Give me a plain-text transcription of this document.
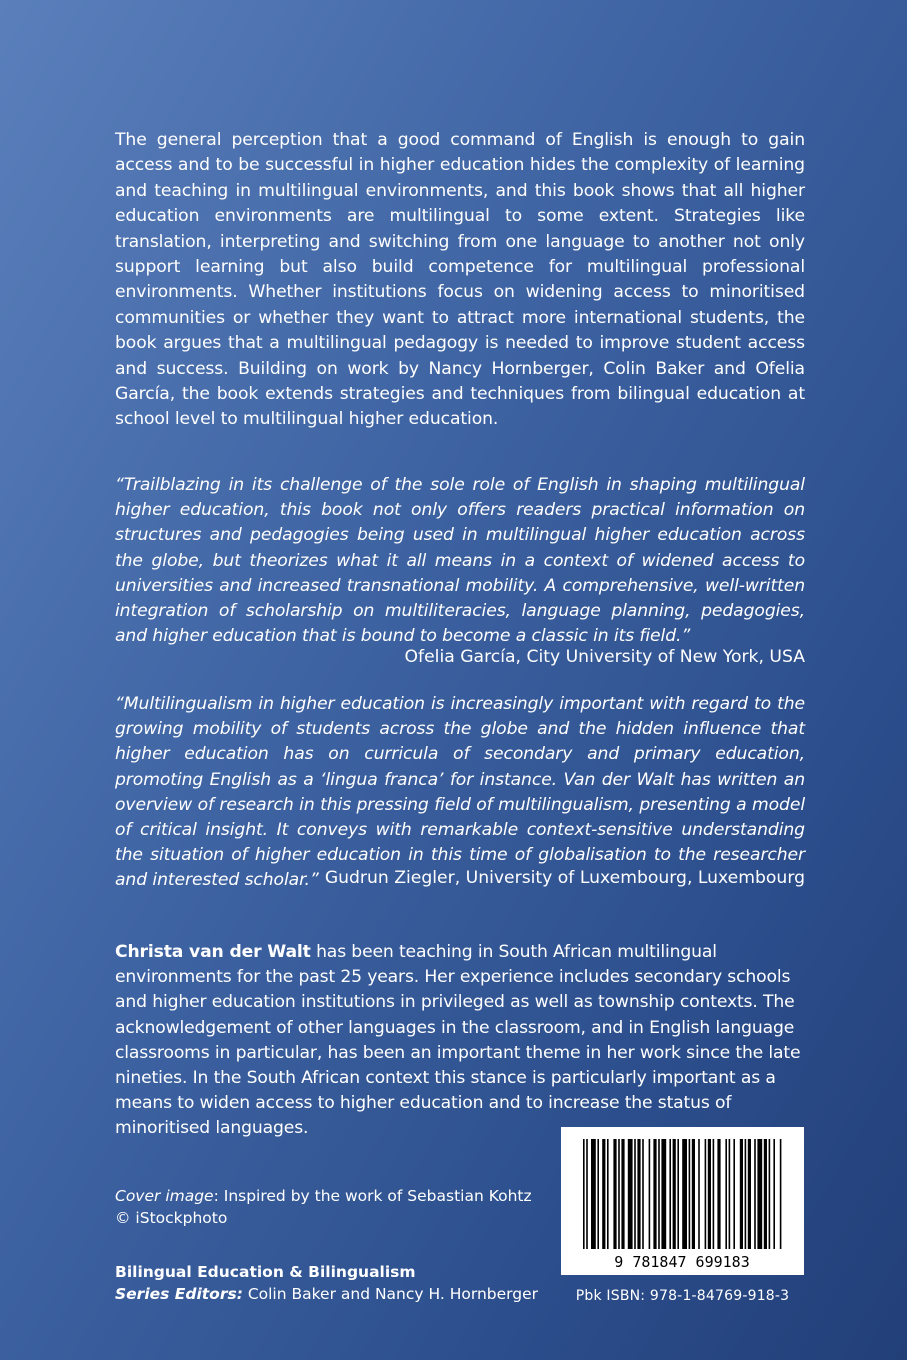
The general perception that a good command of English is enough to gain access and to be successful in higher education hides the complexity of learning and teaching in multilingual environments, and this book shows that all higher education environments are multilingual to some extent. Strategies like translation, interpreting and switching from one language to another not only support learning but also build competence for multilingual professional environments. Whether institutions focus on widening access to minoritised communities or whether they want to attract more international students, the book argues that a multilingual pedagogy is needed to improve student access and success. Building on work by Nancy Hornberger, Colin Baker and Ofelia García, the book extends strategies and techniques from bilingual education at school level to multilingual higher education.

“Trailblazing in its challenge of the sole role of English in shaping multilingual higher education, this book not only offers readers practical information on structures and pedagogies being used in multilingual higher education across the globe, but theorizes what it all means in a context of widened access to universities and increased transnational mobility. A comprehensive, well-written integration of scholarship on multiliteracies, language planning, pedagogies, and higher education that is bound to become a classic in its field.”

Ofelia García, City University of New York, USA

“Multilingualism in higher education is increasingly important with regard to the growing mobility of students across the globe and the hidden influence that higher education has on curricula of secondary and primary education, promoting English as a ‘lingua franca’ for instance. Van der Walt has written an overview of research in this pressing field of multilingualism, presenting a model of critical insight. It conveys with remarkable context-sensitive understanding the situation of higher education in this time of globalisation to the researcher and interested scholar.” Gudrun Ziegler, University of Luxembourg, Luxembourg

Christa van der Walt has been teaching in South African multilingual environments for the past 25 years. Her experience includes secondary schools and higher education institutions in privileged as well as township contexts. The acknowledgement of other languages in the classroom, and in English language classrooms in particular, has been an important theme in her work since the late nineties. In the South African context this stance is particularly important as a means to widen access to higher education and to increase the status of minoritised languages.

Cover image: Inspired by the work of Sebastian Kohtz
© iStockphoto
Bilingual Education & Bilingualism
Series Editors: Colin Baker and Nancy H. Hornberger
9 781847 699183
Pbk ISBN: 978-1-84769-918-3
